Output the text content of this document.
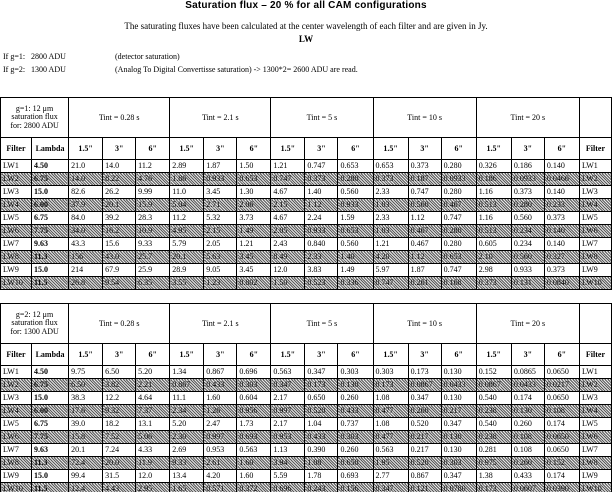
Saturation flux – 20 % for all CAM configurations
The saturating fluxes have been calculated at the center wavelength of each filter and are given in Jy.
LW
If g=1: 2800 ADU	(detector saturation)
If g=2: 1300 ADU	(Analog To Digital Convertisse saturation) -> 1300*2= 2600 ADU are read.
g=1: 12 μm
saturation flux
for: 2800 ADU		Tint = 0.28 s			Tint = 2.1 s			Tint = 5 s			Tint = 10 s			Tint = 20 s			
Filter	Lambda	1.5"	3"	6"	1.5"	3"	6"	1.5"	3"	6"	1.5"	3"	6"	1.5"	3"	6"	Filter
LW1	4.50	21.0	14.0	11.2	2.89	1.87	1.50	1.21	0.747	0.653	0.653	0.373	0.280	0.326	0.186	0.140	LW1
LW2	6.75	14.0	8.22	4.76	1.86	0.933	0.653	0.747	0.373	0.280	0.373	0.187	0.0933	0.186	0.0933	0.0466	LW2
LW3	15.0	82.6	26.2	9.99	11.0	3.45	1.30	4.67	1.40	0.560	2.33	0.747	0.280	1.16	0.373	0.140	LW3
LW4	6.00	37.9	20.1	15.9	5.04	2.71	2.06	2.15	1.12	0.933	1.03	0.560	0.467	0.513	0.280	0.233	LW4
LW5	6.75	84.0	39.2	28.3	11.2	5.32	3.73	4.67	2.24	1.59	2.33	1.12	0.747	1.16	0.560	0.373	LW5
LW6	7.75	34.0	16.2	10.9	4.95	2.15	1.49	2.05	0.933	0.653	1.03	0.467	0.280	0.513	0.234	0.140	LW6
LW7	9.63	43.3	15.6	9.33	5.79	2.05	1.21	2.43	0.840	0.560	1.21	0.467	0.280	0.605	0.234	0.140	LW7
LW8	11.3	156	43.0	25.7	20.1	5.63	3.45	8.49	2.33	1.40	4.20	1.12	0.653	2.10	0.560	0.327	LW8
LW9	15.0	214	67.9	25.9	28.9	9.05	3.45	12.0	3.83	1.49	5.97	1.87	0.747	2.98	0.933	0.373	LW9
LW10	11.5	26.8	9.54	6.35	3.55	1.23	0.802	1.50	0.523	0.336	0.747	0.261	0.168	0.373	0.131	0.0840	LW10
g=2: 12 μm
saturation flux
for: 1300 ADU		Tint = 0.28 s			Tint = 2.1 s			Tint = 5 s			Tint = 10 s			Tint = 20 s			
Filter	Lambda	1.5"	3"	6"	1.5"	3"	6"	1.5"	3"	6"	1.5"	3"	6"	1.5"	3"	6"	Filter
LW1	4.50	9.75	6.50	5.20	1.34	0.867	0.696	0.563	0.347	0.303	0.303	0.173	0.130	0.152	0.0865	0.0650	LW1
LW2	6.75	6.50	3.82	2.21	0.867	0.433	0.303	0.347	0.173	0.130	0.173	0.0867	0.0433	0.0867	0.0433	0.0217	LW2
LW3	15.0	38.3	12.2	4.64	11.1	1.60	0.604	2.17	0.650	0.260	1.08	0.347	0.130	0.540	0.174	0.0650	LW3
LW4	6.00	17.6	9.32	7.37	2.34	1.26	0.956	0.997	0.520	0.433	0.477	0.260	0.217	0.238	0.130	0.108	LW4
LW5	6.75	39.0	18.2	13.1	5.20	2.47	1.73	2.17	1.04	0.737	1.08	0.520	0.347	0.540	0.260	0.174	LW5
LW6	7.75	15.8	7.52	5.06	2.30	0.997	0.693	0.953	0.433	0.303	0.477	0.217	0.130	0.238	0.108	0.0650	LW6
LW7	9.63	20.1	7.24	4.33	2.69	0.953	0.563	1.13	0.390	0.260	0.563	0.217	0.130	0.281	0.108	0.0650	LW7
LW8	11.3	72.4	20.0	11.9	9.33	2.61	1.60	3.94	1.08	0.650	1.95	0.520	0.303	0.975	0.260	0.152	LW8
LW9	15.0	99.4	31.5	12.0	13.4	4.20	1.60	5.59	1.78	0.693	2.77	0.867	0.347	1.38	0.433	0.174	LW9
LW10	11.5	12.4	4.43	2.95	1.65	0.571	0.372	0.696	0.243	0.156	0.347	0.121	0.0780	0.173	0.0607	0.0390	LW10
